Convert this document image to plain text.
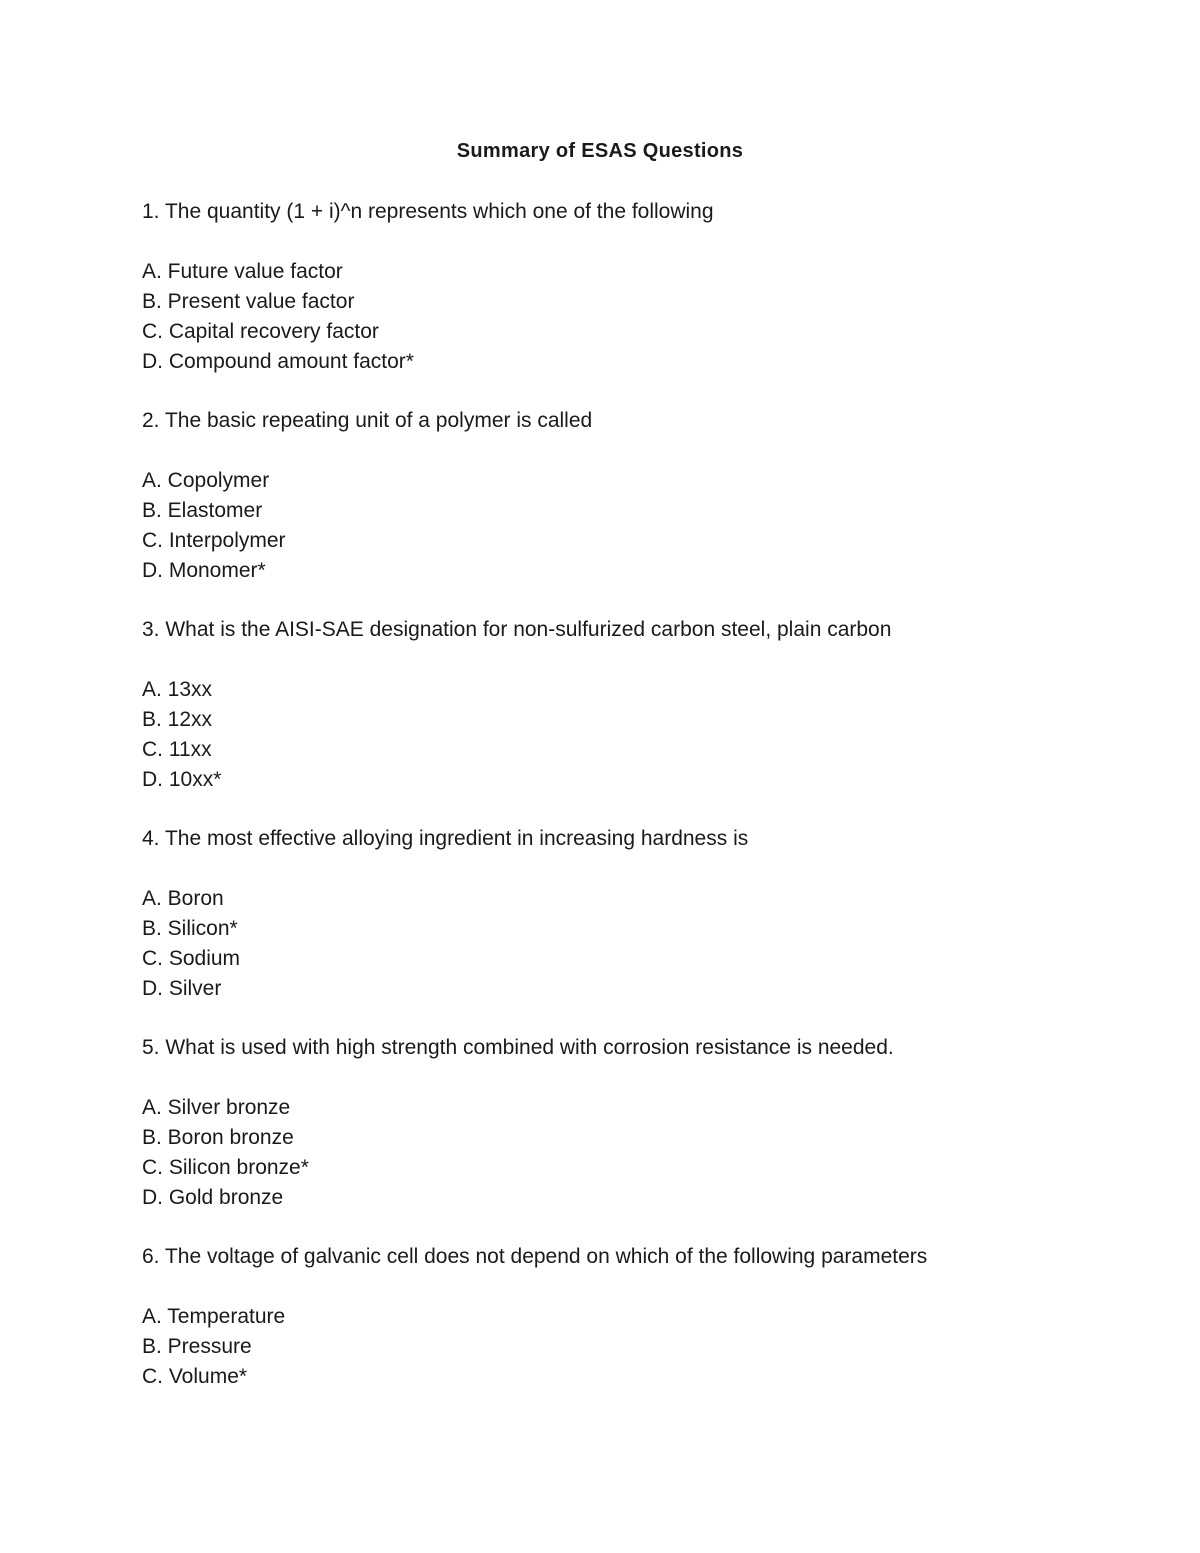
Summary of ESAS Questions
1. The quantity (1 + i)^n represents which one of the following
A. Future value factor
B. Present value factor
C. Capital recovery factor
D. Compound amount factor*
2. The basic repeating unit of a polymer is called
A. Copolymer
B. Elastomer
C. Interpolymer
D. Monomer*
3. What is the AISI-SAE designation for non-sulfurized carbon steel, plain carbon
A. 13xx
B. 12xx
C. 11xx
D. 10xx*
4. The most effective alloying ingredient in increasing hardness is
A. Boron
B. Silicon*
C. Sodium
D. Silver
5. What is used with high strength combined with corrosion resistance is needed.
A. Silver bronze
B. Boron bronze
C. Silicon bronze*
D. Gold bronze
6. The voltage of galvanic cell does not depend on which of the following parameters
A. Temperature
B. Pressure
C. Volume*
